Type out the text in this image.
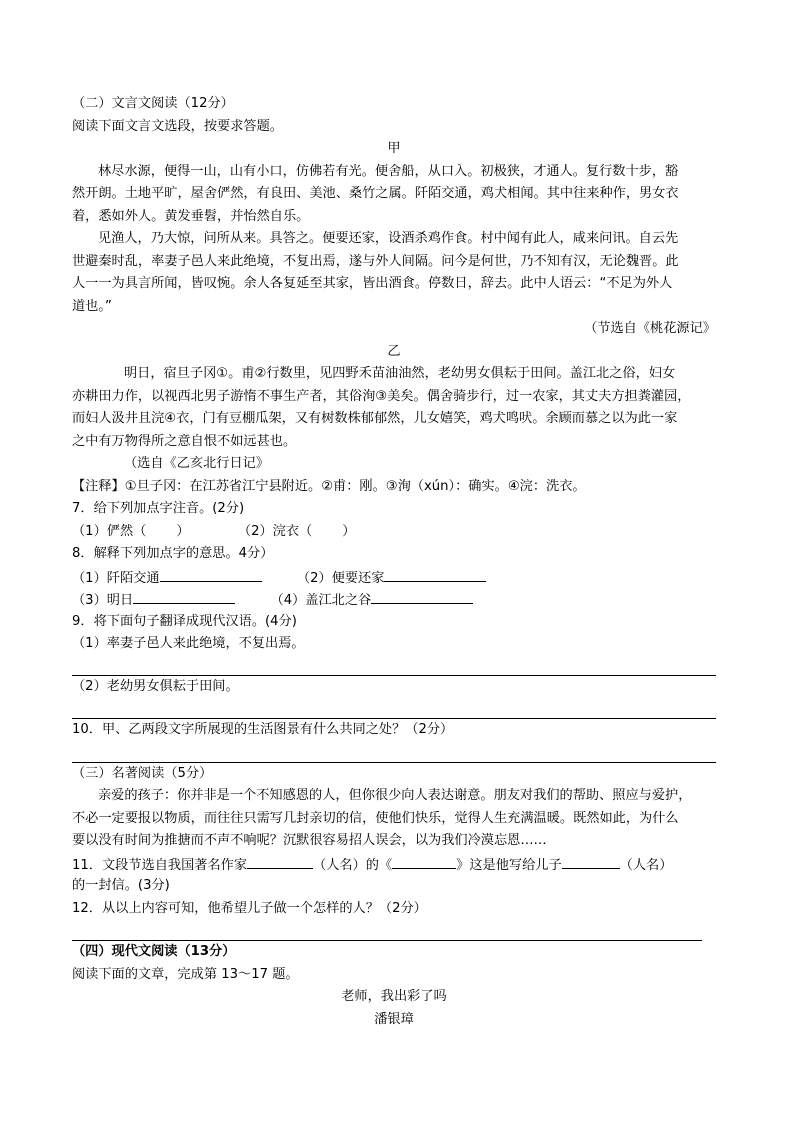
（二）文言文阅读（12分）
阅读下面文言文选段，按要求答题。
甲
林尽水源，便得一山，山有小口，仿佛若有光。便舍船，从口入。初极狭，才通人。复行数十步，豁
然开朗。土地平旷，屋舍俨然，有良田、美池、桑竹之属。阡陌交通，鸡犬相闻。其中往来种作，男女衣
着，悉如外人。黄发垂髫，并怡然自乐。
见渔人，乃大惊，问所从来。具答之。便要还家，设酒杀鸡作食。村中闻有此人，咸来问讯。自云先
世避秦时乱，率妻子邑人来此绝境，不复出焉，遂与外人间隔。问今是何世，乃不知有汉，无论魏晋。此
人一一为具言所闻，皆叹惋。余人各复延至其家，皆出酒食。停数日，辞去。此中人语云：“不足为外人
道也。”
（节选自《桃花源记》
乙
明日，宿旦子冈①。甫②行数里，见四野禾苗油油然，老幼男女俱耘于田间。盖江北之俗，妇女
亦耕田力作，以视西北男子游惰不事生产者，其俗洵③美矣。偶舍骑步行，过一农家，其丈夫方担粪灌园，
而妇人汲井且浣④衣，门有豆棚瓜架，又有树数株郁郁然，儿女嬉笑，鸡犬鸣吠。余顾而慕之以为此一家
之中有万物得所之意自恨不如远甚也。
（选自《乙亥北行日记》
【注释】①旦子冈：在江苏省江宁县附近。②甫：刚。③洵（xún）：确实。④浣：洗衣。
7．给下列加点字注音。(2分)
（1）俨然（ ）	（2）浣衣（ ）
8．解释下列加点字的意思。4分）
（1）阡陌交通	（2）便要还家
（3）明日	（4）盖江北之谷
9．将下面句子翻译成现代汉语。(4分)
（1）率妻子邑人来此绝境，不复出焉。
（2）老幼男女俱耘于田间。
10．甲、乙两段文字所展现的生活图景有什么共同之处？（2分）
（三）名著阅读（5分）
亲爱的孩子：你并非是一个不知感恩的人，但你很少向人表达谢意。朋友对我们的帮助、照应与爱护，
不必一定要报以物质，而往往只需写几封亲切的信，使他们快乐，觉得人生充满温暖。既然如此，为什么
要以没有时间为推搪而不声不响呢？沉默很容易招人误会，以为我们冷漠忘恩……
11．文段节选自我国著名作家	（人名）的《	》这是他写给儿子	（人名）
的一封信。(3分)
12．从以上内容可知，他希望儿子做一个怎样的人？（2分）
（四）现代文阅读（13分）
阅读下面的文章，完成第 13～17 题。
老师，我出彩了吗
潘银璋
